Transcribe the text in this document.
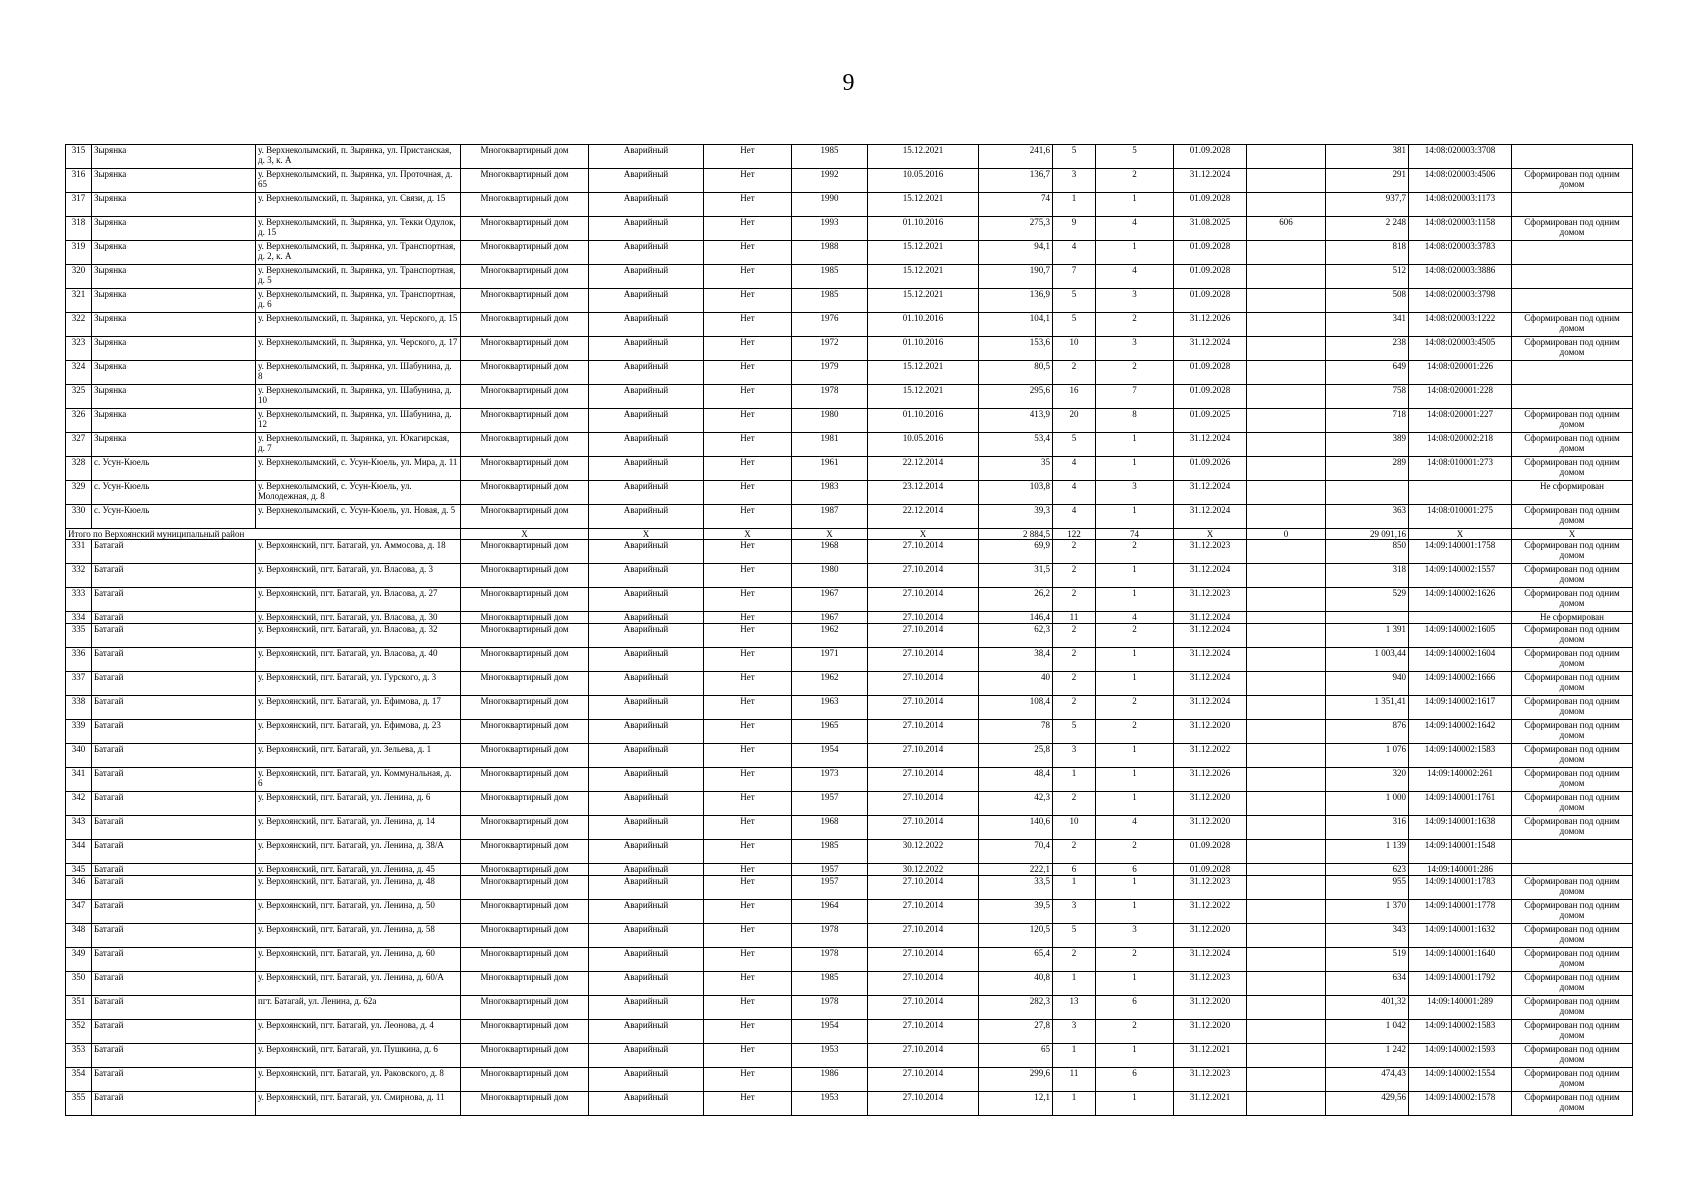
9
315	Зырянка	у. Верхнеколымский, п. Зырянка, ул. Пристанская, д. 3, к. А	Многоквартирный дом	Аварийный	Нет	1985	15.12.2021	241,6	5	5	01.09.2028		381	14:08:020003:3708	
316	Зырянка	у. Верхнеколымский, п. Зырянка, ул. Проточная, д. 65	Многоквартирный дом	Аварийный	Нет	1992	10.05.2016	136,7	3	2	31.12.2024		291	14:08:020003:4506	Сформирован под одним домом
317	Зырянка	у. Верхнеколымский, п. Зырянка, ул. Связи, д. 15	Многоквартирный дом	Аварийный	Нет	1990	15.12.2021	74	1	1	01.09.2028		937,7	14:08:020003:1173	
318	Зырянка	у. Верхнеколымский, п. Зырянка, ул. Текки Одулок, д. 15	Многоквартирный дом	Аварийный	Нет	1993	01.10.2016	275,3	9	4	31.08.2025	606	2 248	14:08:020003:1158	Сформирован под одним домом
319	Зырянка	у. Верхнеколымский, п. Зырянка, ул. Транспортная, д. 2, к. А	Многоквартирный дом	Аварийный	Нет	1988	15.12.2021	94,1	4	1	01.09.2028		818	14:08:020003:3783	
320	Зырянка	у. Верхнеколымский, п. Зырянка, ул. Транспортная, д. 5	Многоквартирный дом	Аварийный	Нет	1985	15.12.2021	190,7	7	4	01.09.2028		512	14:08:020003:3886	
321	Зырянка	у. Верхнеколымский, п. Зырянка, ул. Транспортная, д. 6	Многоквартирный дом	Аварийный	Нет	1985	15.12.2021	136,9	5	3	01.09.2028		508	14:08:020003:3798	
322	Зырянка	у. Верхнеколымский, п. Зырянка, ул. Черского, д. 15	Многоквартирный дом	Аварийный	Нет	1976	01.10.2016	104,1	5	2	31.12.2026		341	14:08:020003:1222	Сформирован под одним домом
323	Зырянка	у. Верхнеколымский, п. Зырянка, ул. Черского, д. 17	Многоквартирный дом	Аварийный	Нет	1972	01.10.2016	153,6	10	3	31.12.2024		238	14:08:020003:4505	Сформирован под одним домом
324	Зырянка	у. Верхнеколымский, п. Зырянка, ул. Шабунина, д. 8	Многоквартирный дом	Аварийный	Нет	1979	15.12.2021	80,5	2	2	01.09.2028		649	14:08:020001:226	
325	Зырянка	у. Верхнеколымский, п. Зырянка, ул. Шабунина, д. 10	Многоквартирный дом	Аварийный	Нет	1978	15.12.2021	295,6	16	7	01.09.2028		758	14:08:020001:228	
326	Зырянка	у. Верхнеколымский, п. Зырянка, ул. Шабунина, д. 12	Многоквартирный дом	Аварийный	Нет	1980	01.10.2016	413,9	20	8	01.09.2025		718	14:08:020001:227	Сформирован под одним домом
327	Зырянка	у. Верхнеколымский, п. Зырянка, ул. Юкагирская, д. 7	Многоквартирный дом	Аварийный	Нет	1981	10.05.2016	53,4	5	1	31.12.2024		389	14:08:020002:218	Сформирован под одним домом
328	с. Усун-Кюель	у. Верхнеколымский, с. Усун-Кюель, ул. Мира, д. 11	Многоквартирный дом	Аварийный	Нет	1961	22.12.2014	35	4	1	01.09.2026		289	14:08:010001:273	Сформирован под одним домом
329	с. Усун-Кюель	у. Верхнеколымский, с. Усун-Кюель, ул. Молодежная, д. 8	Многоквартирный дом	Аварийный	Нет	1983	23.12.2014	103,8	4	3	31.12.2024				Не сформирован
330	с. Усун-Кюель	у. Верхнеколымский, с. Усун-Кюель, ул. Новая, д. 5	Многоквартирный дом	Аварийный	Нет	1987	22.12.2014	39,3	4	1	31.12.2024		363	14:08:010001:275	Сформирован под одним домом
Итого по Верхоянский муниципальный район			X	X	X	X	X	2 884,5	122	74	X	0	29 091,16	X	X
331	Батагай	у. Верхоянский, пгт. Батагай, ул. Аммосова, д. 18	Многоквартирный дом	Аварийный	Нет	1968	27.10.2014	69,9	2	2	31.12.2023		850	14:09:140001:1758	Сформирован под одним домом
332	Батагай	у. Верхоянский, пгт. Батагай, ул. Власова, д. 3	Многоквартирный дом	Аварийный	Нет	1980	27.10.2014	31,5	2	1	31.12.2024		318	14:09:140002:1557	Сформирован под одним домом
333	Батагай	у. Верхоянский, пгт. Батагай, ул. Власова, д. 27	Многоквартирный дом	Аварийный	Нет	1967	27.10.2014	26,2	2	1	31.12.2023		529	14:09:140002:1626	Сформирован под одним домом
334	Батагай	у. Верхоянский, пгт. Батагай, ул. Власова, д. 30	Многоквартирный дом	Аварийный	Нет	1967	27.10.2014	146,4	11	4	31.12.2024				Не сформирован
335	Батагай	у. Верхоянский, пгт. Батагай, ул. Власова, д. 32	Многоквартирный дом	Аварийный	Нет	1962	27.10.2014	62,3	2	2	31.12.2024		1 391	14:09:140002:1605	Сформирован под одним домом
336	Батагай	у. Верхоянский, пгт. Батагай, ул. Власова, д. 40	Многоквартирный дом	Аварийный	Нет	1971	27.10.2014	38,4	2	1	31.12.2024		1 003,44	14:09:140002:1604	Сформирован под одним домом
337	Батагай	у. Верхоянский, пгт. Батагай, ул. Гурского, д. 3	Многоквартирный дом	Аварийный	Нет	1962	27.10.2014	40	2	1	31.12.2024		940	14:09:140002:1666	Сформирован под одним домом
338	Батагай	у. Верхоянский, пгт. Батагай, ул. Ефимова, д. 17	Многоквартирный дом	Аварийный	Нет	1963	27.10.2014	108,4	2	2	31.12.2024		1 351,41	14:09:140002:1617	Сформирован под одним домом
339	Батагай	у. Верхоянский, пгт. Батагай, ул. Ефимова, д. 23	Многоквартирный дом	Аварийный	Нет	1965	27.10.2014	78	5	2	31.12.2020		876	14:09:140002:1642	Сформирован под одним домом
340	Батагай	у. Верхоянский, пгт. Батагай, ул. Зельева, д. 1	Многоквартирный дом	Аварийный	Нет	1954	27.10.2014	25,8	3	1	31.12.2022		1 076	14:09:140002:1583	Сформирован под одним домом
341	Батагай	у. Верхоянский, пгт. Батагай, ул. Коммунальная, д. 6	Многоквартирный дом	Аварийный	Нет	1973	27.10.2014	48,4	1	1	31.12.2026		320	14:09:140002:261	Сформирован под одним домом
342	Батагай	у. Верхоянский, пгт. Батагай, ул. Ленина, д. 6	Многоквартирный дом	Аварийный	Нет	1957	27.10.2014	42,3	2	1	31.12.2020		1 000	14:09:140001:1761	Сформирован под одним домом
343	Батагай	у. Верхоянский, пгт. Батагай, ул. Ленина, д. 14	Многоквартирный дом	Аварийный	Нет	1968	27.10.2014	140,6	10	4	31.12.2020		316	14:09:140001:1638	Сформирован под одним домом
344	Батагай	у. Верхоянский, пгт. Батагай, ул. Ленина, д. 38/А	Многоквартирный дом	Аварийный	Нет	1985	30.12.2022	70,4	2	2	01.09.2028		1 139	14:09:140001:1548	
345	Батагай	у. Верхоянский, пгт. Батагай, ул. Ленина, д. 45	Многоквартирный дом	Аварийный	Нет	1957	30.12.2022	222,1	6	6	01.09.2028		623	14:09:140001:286	
346	Батагай	у. Верхоянский, пгт. Батагай, ул. Ленина, д. 48	Многоквартирный дом	Аварийный	Нет	1957	27.10.2014	33,5	1	1	31.12.2023		955	14:09:140001:1783	Сформирован под одним домом
347	Батагай	у. Верхоянский, пгт. Батагай, ул. Ленина, д. 50	Многоквартирный дом	Аварийный	Нет	1964	27.10.2014	39,5	3	1	31.12.2022		1 370	14:09:140001:1778	Сформирован под одним домом
348	Батагай	у. Верхоянский, пгт. Батагай, ул. Ленина, д. 58	Многоквартирный дом	Аварийный	Нет	1978	27.10.2014	120,5	5	3	31.12.2020		343	14:09:140001:1632	Сформирован под одним домом
349	Батагай	у. Верхоянский, пгт. Батагай, ул. Ленина, д. 60	Многоквартирный дом	Аварийный	Нет	1978	27.10.2014	65,4	2	2	31.12.2024		519	14:09:140001:1640	Сформирован под одним домом
350	Батагай	у. Верхоянский, пгт. Батагай, ул. Ленина, д. 60/А	Многоквартирный дом	Аварийный	Нет	1985	27.10.2014	40,8	1	1	31.12.2023		634	14:09:140001:1792	Сформирован под одним домом
351	Батагай	пгт. Батагай, ул. Ленина, д. 62а	Многоквартирный дом	Аварийный	Нет	1978	27.10.2014	282,3	13	6	31.12.2020		401,32	14:09:140001:289	Сформирован под одним домом
352	Батагай	у. Верхоянский, пгт. Батагай, ул. Леонова, д. 4	Многоквартирный дом	Аварийный	Нет	1954	27.10.2014	27,8	3	2	31.12.2020		1 042	14:09:140002:1583	Сформирован под одним домом
353	Батагай	у. Верхоянский, пгт. Батагай, ул. Пушкина, д. 6	Многоквартирный дом	Аварийный	Нет	1953	27.10.2014	65	1	1	31.12.2021		1 242	14:09:140002:1593	Сформирован под одним домом
354	Батагай	у. Верхоянский, пгт. Батагай, ул. Раковского, д. 8	Многоквартирный дом	Аварийный	Нет	1986	27.10.2014	299,6	11	6	31.12.2023		474,43	14:09:140002:1554	Сформирован под одним домом
355	Батагай	у. Верхоянский, пгт. Батагай, ул. Смирнова, д. 11	Многоквартирный дом	Аварийный	Нет	1953	27.10.2014	12,1	1	1	31.12.2021		429,56	14:09:140002:1578	Сформирован под одним домом
